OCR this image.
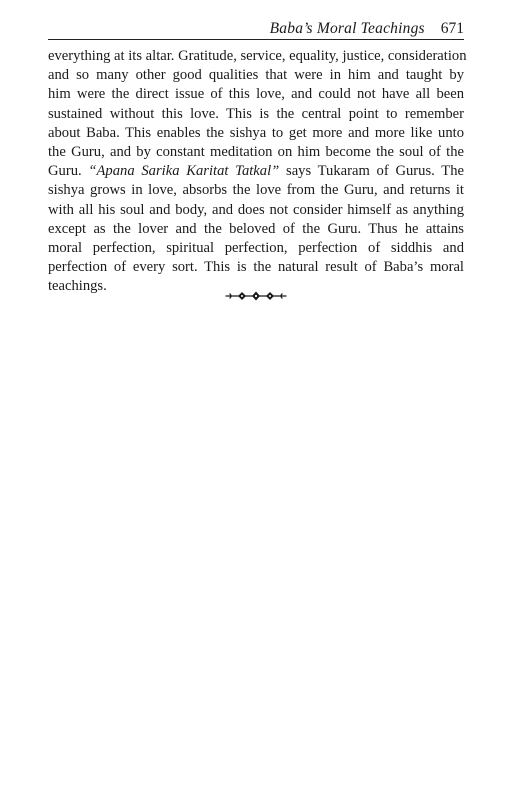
Baba’s Moral Teachings 671
everything at its altar. Gratitude, service, equality, justice, consideration
and so many other good qualities that were in him and taught by
him were the direct issue of this love, and could not have all been
sustained without this love. This is the central point to remember
about Baba. This enables the sishya to get more and more like unto
the Guru, and by constant meditation on him become the soul of the
Guru. “Apana Sarika Karitat Tatkal” says Tukaram of Gurus. The
sishya grows in love, absorbs the love from the Guru, and returns it
with all his soul and body, and does not consider himself as anything
except as the lover and the beloved of the Guru. Thus he attains
moral perfection, spiritual perfection, perfection of siddhis and
perfection of every sort. This is the natural result of Baba’s moral
teachings.
